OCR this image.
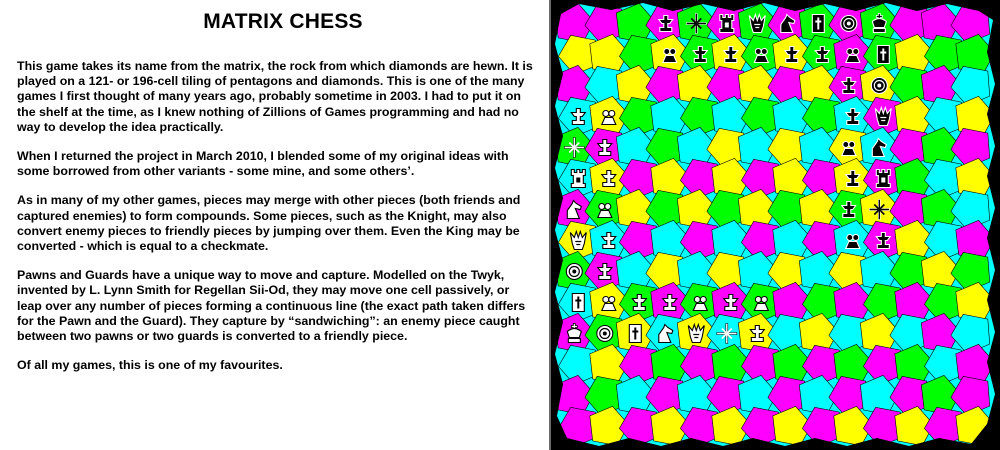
MATRIX CHESS

This game takes its name from the matrix, the rock from which diamonds are hewn. It is played on a 121- or 196-cell tiling of pentagons and diamonds. This is one of the many games I first thought of many years ago, probably sometime in 2003. I had to put it on the shelf at the time, as I knew nothing of Zillions of Games programming and had no way to develop the idea practically.

When I returned the project in March 2010, I blended some of my original ideas with some borrowed from other variants - some mine, and some others’.

As in many of my other games, pieces may merge with other pieces (both friends and captured enemies) to form compounds. Some pieces, such as the Knight, may also convert enemy pieces to friendly pieces by jumping over them. Even the King may be converted - which is equal to a checkmate.

Pawns and Guards have a unique way to move and capture. Modelled on the Twyk, invented by L. Lynn Smith for Regellan Sii-Od, they may move one cell passively, or leap over any number of pieces forming a continuous line (the exact path taken differs for the Pawn and the Guard). They capture by “sandwiching”: an enemy piece caught between two pawns or two guards is converted to a friendly piece.

Of all my games, this is one of my favourites.
